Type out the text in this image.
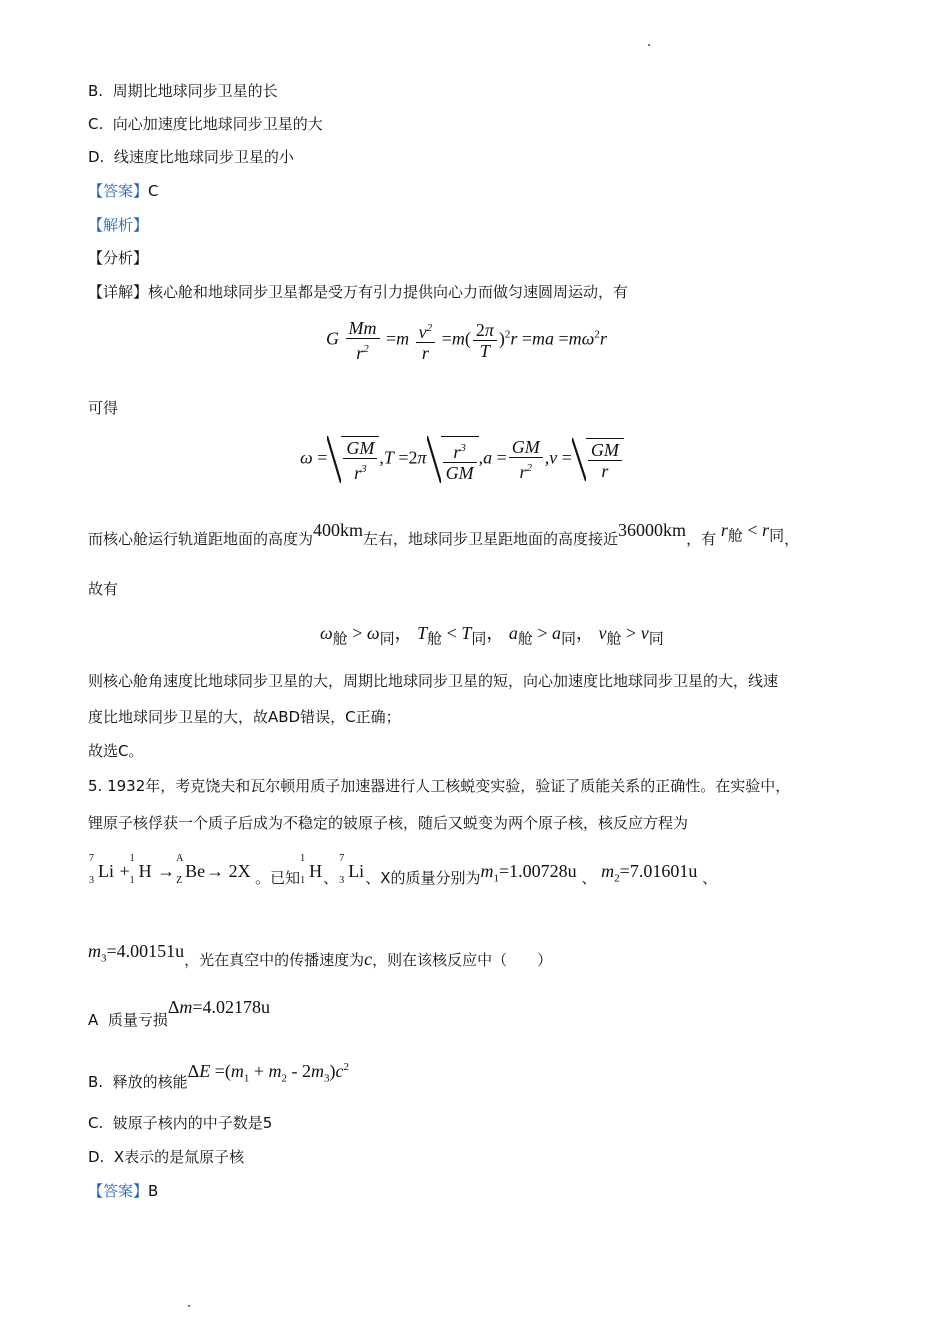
B. 周期比地球同步卫星的长
C. 向心加速度比地球同步卫星的大
D. 线速度比地球同步卫星的小
【答案】C
【解析】
【分析】
【详解】核心舱和地球同步卫星都是受万有引力提供向心力而做匀速圆周运动，有
G $\frac{Mm}{r^2} =m \frac{v^2}{r} =m( \frac{2\pi}{T} )^2r =ma =m\omega^2r$
可得
$\omega = \frac{GM}{r^3} ,T =2\pi \frac{r^3}{GM} ,a = \frac{GM}{r^2} ,v = \frac{GM}{r}$
而核心舱运行轨道距地面的高度为400km左右，地球同步卫星距地面的高度接近36000km，有 $r_舱 < r_同$，
故有
$\omega_舱 > \omega_同$， $T_舱 < T_同$， $a_舱 > a_同$， $v_舱 > v_同$
则核心舱角速度比地球同步卫星的大，周期比地球同步卫星的短，向心加速度比地球同步卫星的大，线速
度比地球同步卫星的大，故ABD错误，C正确；
故选C。
5. 1932年，考克饶夫和瓦尔顿用质子加速器进行人工核蜕变实验，验证了质能关系的正确性。在实验中，
锂原子核俘获一个质子后成为不稳定的铍原子核，随后又蜕变为两个原子核，核反应方程为
7
3 Li +
1
1 H →
A
Z Be→ 2X 。已知
1
1 H、
7
3 Li、X的质量分别为$m_1=1.00728u$ 、 $m_2=7.01601u$ 、
$m_3=4.00151u$，光在真空中的传播速度为c，则在该核反应中（　　）
A 质量亏损Δm=4.02178u
B. 释放的核能$\Delta E =(m_1 + m_2 - 2m_3)c^2$
C. 铍原子核内的中子数是5
D. X表示的是氚原子核
【答案】B
